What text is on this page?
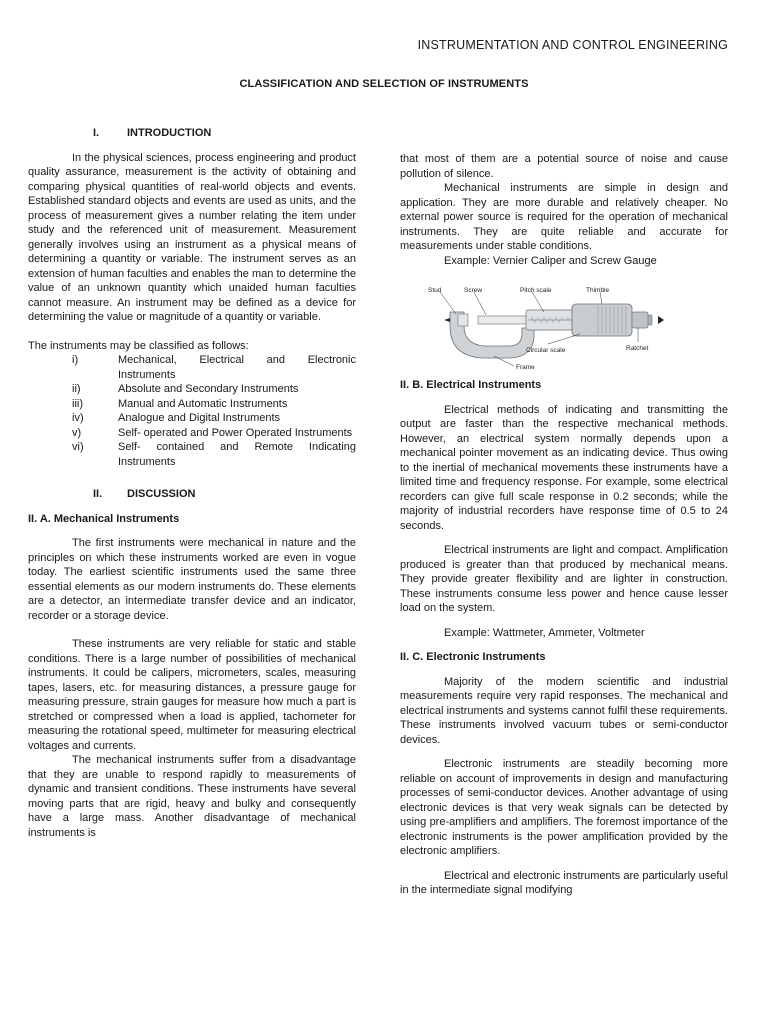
INSTRUMENTATION AND CONTROL ENGINEERING
CLASSIFICATION AND SELECTION OF INSTRUMENTS
I.	INTRODUCTION

In the physical sciences, process engineering and product quality assurance, measurement is the activity of obtaining and comparing physical quantities of real-world objects and events. Established standard objects and events are used as units, and the process of measurement gives a number relating the item under study and the referenced unit of measurement. Measurement generally involves using an instrument as a physical means of determining a quantity or variable. The instrument serves as an extension of human faculties and enables the man to determine the value of an unknown quantity which unaided human faculties cannot measure. An instrument may be defined as a device for determining the value or magnitude of a quantity or variable.

The instruments may be classified as follows:

i)	Mechanical, Electrical and Electronic Instruments
ii)	Absolute and Secondary Instruments
iii)	Manual and Automatic Instruments
iv)	Analogue and Digital Instruments
v)	Self- operated and Power Operated Instruments
vi)	Self- contained and Remote Indicating Instruments
II. DISCUSSION
II. A. Mechanical Instruments

The first instruments were mechanical in nature and the principles on which these instruments worked are even in vogue today. The earliest scientific instruments used the same three essential elements as our modern instruments do. These elements are a detector, an intermediate transfer device and an indicator, recorder or a storage device.

These instruments are very reliable for static and stable conditions. There is a large number of possibilities of mechanical instruments. It could be calipers, micrometers, scales, measuring tapes, lasers, etc. for measuring distances, a pressure gauge for measuring pressure, strain gauges for measure how much a part is stretched or compressed when a load is applied, tachometer for measuring the rotational speed, multimeter for measuring electrical voltages and currents.

The mechanical instruments suffer from a disadvantage that they are unable to respond rapidly to measurements of dynamic and transient conditions. These instruments have several moving parts that are rigid, heavy and bulky and consequently have a large mass. Another disadvantage of mechanical instruments is

that most of them are a potential source of noise and cause pollution of silence.

Mechanical instruments are simple in design and application. They are more durable and relatively cheaper. No external power source is required for the operation of mechanical instruments. They are quite reliable and accurate for measurements under stable conditions.

Example: Vernier Caliper and Screw Gauge

Stud	Screw	Pitch scale	Thimble
Ratchet
Circular scale
Frame
II. B. Electrical Instruments

Electrical methods of indicating and transmitting the output are faster than the respective mechanical methods. However, an electrical system normally depends upon a mechanical pointer movement as an indicating device. Thus owing to the inertial of mechanical movements these instruments have a limited time and frequency response. For example, some electrical recorders can give full scale response in 0.2 seconds; while the majority of industrial recorders have response time of 0.5 to 24 seconds.

Electrical instruments are light and compact. Amplification produced is greater than that produced by mechanical means. They provide greater flexibility and are lighter in construction. These instruments consume less power and hence cause lesser load on the system.

Example: Wattmeter, Ammeter, Voltmeter

II. C. Electronic Instruments

Majority of the modern scientific and industrial measurements require very rapid responses. The mechanical and electrical instruments and systems cannot fulfil these requirements. These instruments involved vacuum tubes or semi-conductor devices.

Electronic instruments are steadily becoming more reliable on account of improvements in design and manufacturing processes of semi-conductor devices. Another advantage of using electronic devices is that very weak signals can be detected by using pre-amplifiers and amplifiers. The foremost importance of the electronic instruments is the power amplification provided by the electronic amplifiers.

Electrical and electronic instruments are particularly useful in the intermediate signal modifying
